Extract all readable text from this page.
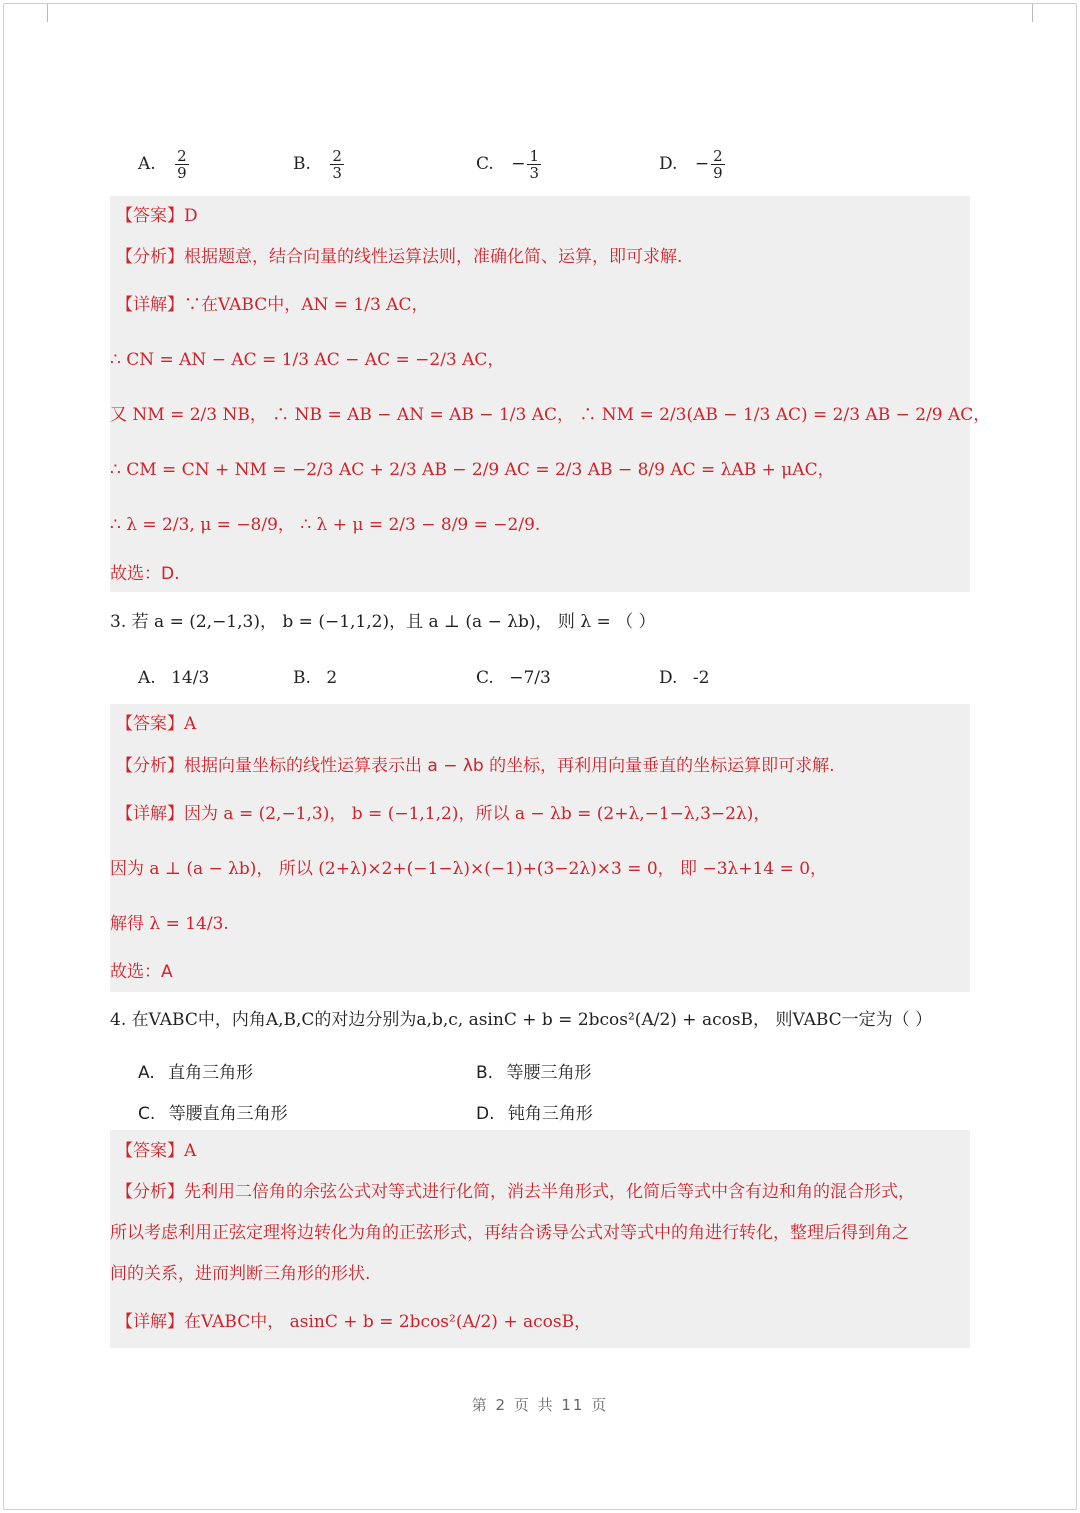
A. $\frac{2}{9}$	B. $\frac{2}{3}$	C. − $\frac{1}{3}$	D. − $\frac{2}{9}$
【答案】D
【分析】根据题意，结合向量的线性运算法则，准确化简、运算，即可求解.
【详解】∵在VABC中，AN = 1/3 AC，
∴ CN = AN − AC = 1/3 AC − AC = −2/3 AC，
又 NM = 2/3 NB， ∴ NB = AB − AN = AB − 1/3 AC， ∴ NM = 2/3(AB − 1/3 AC) = 2/3 AB − 2/9 AC，
∴ CM = CN + NM = −2/3 AC + 2/3 AB − 2/9 AC = 2/3 AB − 8/9 AC = λAB + μAC，
∴ λ = 2/3, μ = −8/9， ∴ λ + μ = 2/3 − 8/9 = −2/9.
故选：D.
3. 若 a = (2,−1,3)， b = (−1,1,2)，且 a ⊥ (a − λb)， 则 λ = （ ）
A. 14/3	B. 2	C. −7/3	D. -2
【答案】A
【分析】根据向量坐标的线性运算表示出 a − λb 的坐标，再利用向量垂直的坐标运算即可求解.
【详解】因为 a = (2,−1,3)， b = (−1,1,2)，所以 a − λb = (2+λ,−1−λ,3−2λ)，
因为 a ⊥ (a − λb)， 所以 (2+λ)×2+(−1−λ)×(−1)+(3−2λ)×3 = 0， 即 −3λ+14 = 0，
解得 λ = 14/3.
故选：A
4. 在VABC中，内角A,B,C的对边分别为a,b,c, asinC + b = 2bcos²(A/2) + acosB， 则VABC一定为（ ）
A. 直角三角形	B. 等腰三角形
C. 等腰直角三角形	D. 钝角三角形
【答案】A
【分析】先利用二倍角的余弦公式对等式进行化简，消去半角形式，化简后等式中含有边和角的混合形式，
所以考虑利用正弦定理将边转化为角的正弦形式，再结合诱导公式对等式中的角进行转化，整理后得到角之
间的关系，进而判断三角形的形状.
【详解】在VABC中， asinC + b = 2bcos²(A/2) + acosB，
第 2 页 共 11 页
